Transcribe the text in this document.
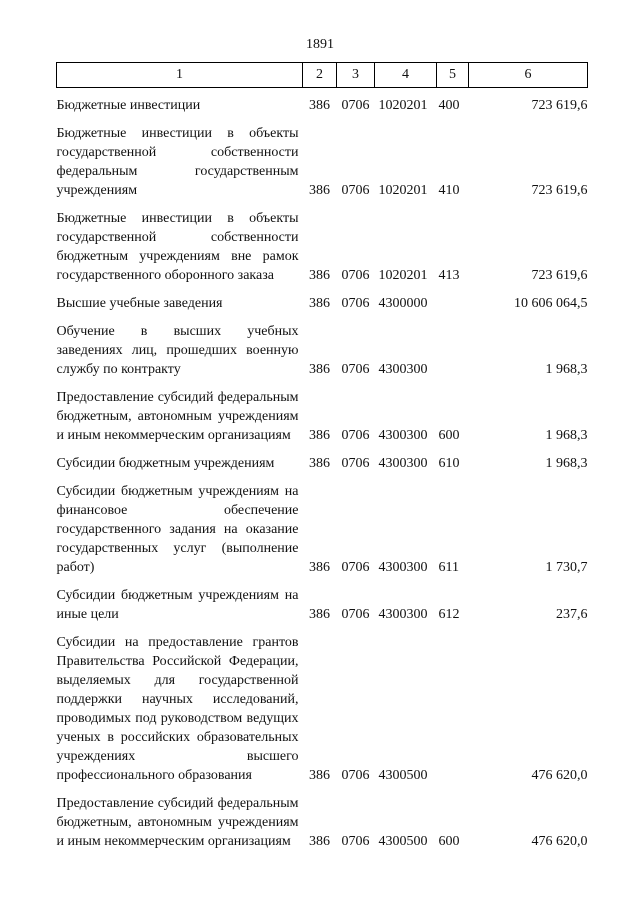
1891
1	2	3	4	5	6
Бюджетные инвестиции	386	0706	1020201	400	723 619,6
Бюджетные инвестиции в объекты государственной собственности федеральным государственным учреждениям	386	0706	1020201	410	723 619,6
Бюджетные инвестиции в объекты государственной собственности бюджетным учреждениям вне рамок государственного оборонного заказа	386	0706	1020201	413	723 619,6
Высшие учебные заведения	386	0706	4300000		10 606 064,5
Обучение в высших учебных заведениях лиц, прошедших военную службу по контракту	386	0706	4300300		1 968,3
Предоставление субсидий федеральным бюджетным, автономным учреждениям и иным некоммерческим организациям	386	0706	4300300	600	1 968,3
Субсидии бюджетным учреждениям	386	0706	4300300	610	1 968,3
Субсидии бюджетным учреждениям на финансовое обеспечение государственного задания на оказание государственных услуг (выполнение работ)	386	0706	4300300	611	1 730,7
Субсидии бюджетным учреждениям на иные цели	386	0706	4300300	612	237,6
Субсидии на предоставление грантов Правительства Российской Федерации, выделяемых для государственной поддержки научных исследований, проводимых под руководством ведущих ученых в российских образовательных учреждениях высшего профессионального образования	386	0706	4300500		476 620,0
Предоставление субсидий федеральным бюджетным, автономным учреждениям и иным некоммерческим организациям	386	0706	4300500	600	476 620,0
